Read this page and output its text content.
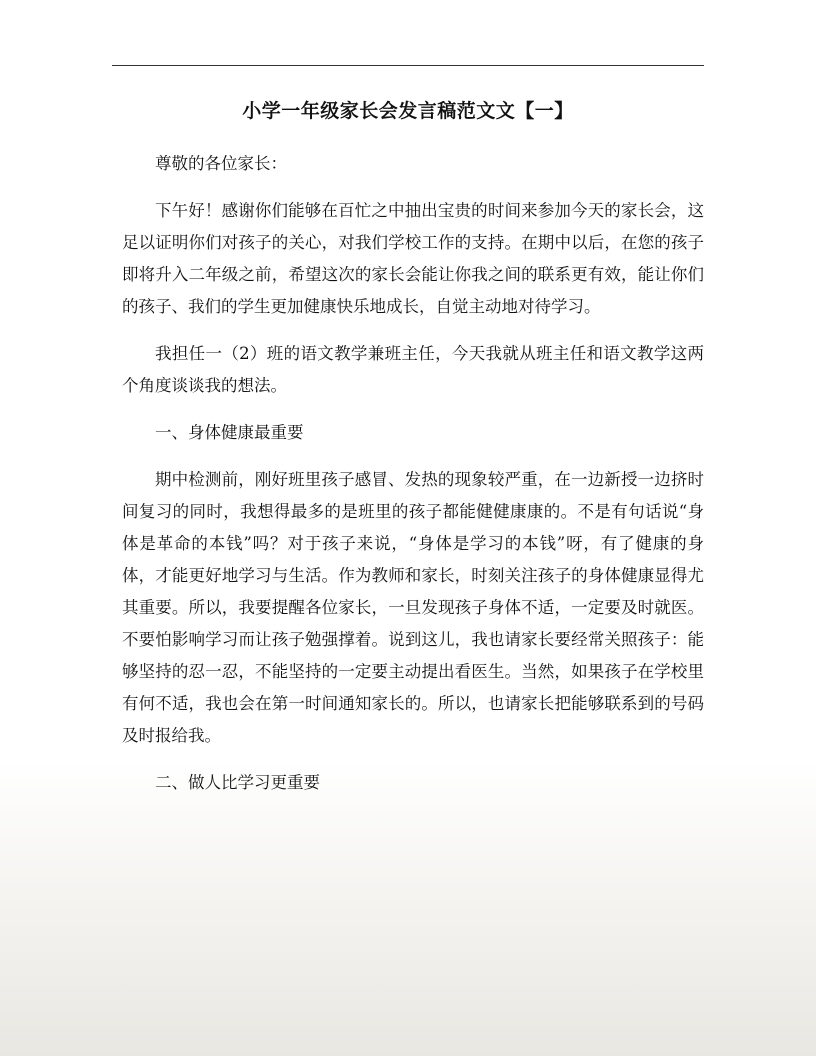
小学一年级家长会发言稿范文文【一】

尊敬的各位家长：

下午好！感谢你们能够在百忙之中抽出宝贵的时间来参加今天的家长会，这足以证明你们对孩子的关心，对我们学校工作的支持。在期中以后，在您的孩子即将升入二年级之前，希望这次的家长会能让你我之间的联系更有效，能让你们的孩子、我们的学生更加健康快乐地成长，自觉主动地对待学习。

我担任一（2）班的语文教学兼班主任，今天我就从班主任和语文教学这两个角度谈谈我的想法。

一、身体健康最重要

期中检测前，刚好班里孩子感冒、发热的现象较严重，在一边新授一边挤时间复习的同时，我想得最多的是班里的孩子都能健健康康的。不是有句话说“身体是革命的本钱”吗？对于孩子来说，“身体是学习的本钱”呀，有了健康的身体，才能更好地学习与生活。作为教师和家长，时刻关注孩子的身体健康显得尤其重要。所以，我要提醒各位家长，一旦发现孩子身体不适，一定要及时就医。不要怕影响学习而让孩子勉强撑着。说到这儿，我也请家长要经常关照孩子：能够坚持的忍一忍，不能坚持的一定要主动提出看医生。当然，如果孩子在学校里有何不适，我也会在第一时间通知家长的。所以，也请家长把能够联系到的号码及时报给我。

二、做人比学习更重要
